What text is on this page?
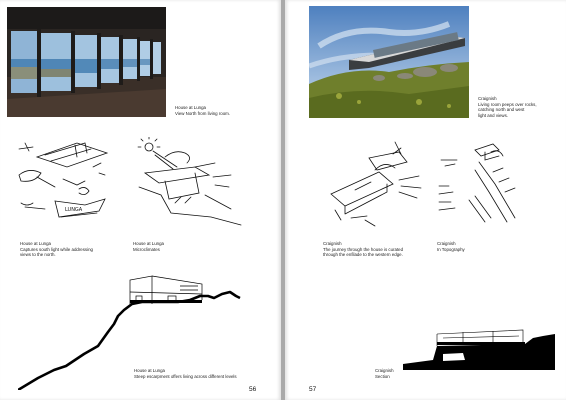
House at Lunga
View North from living room.
LUNGA
House at Lunga
Captures south light while addressing
views to the north.
House at Lunga
Microclimates
House at Lunga
Steep escarpment offers living across different levels
56
Craignish
Living room peeps over rocks,
catching north and west
light and views.
Craignish
The journey through the house is curated
through the enfilade to the western edge.
Craignish
In Topography
Craignish
Section
57
